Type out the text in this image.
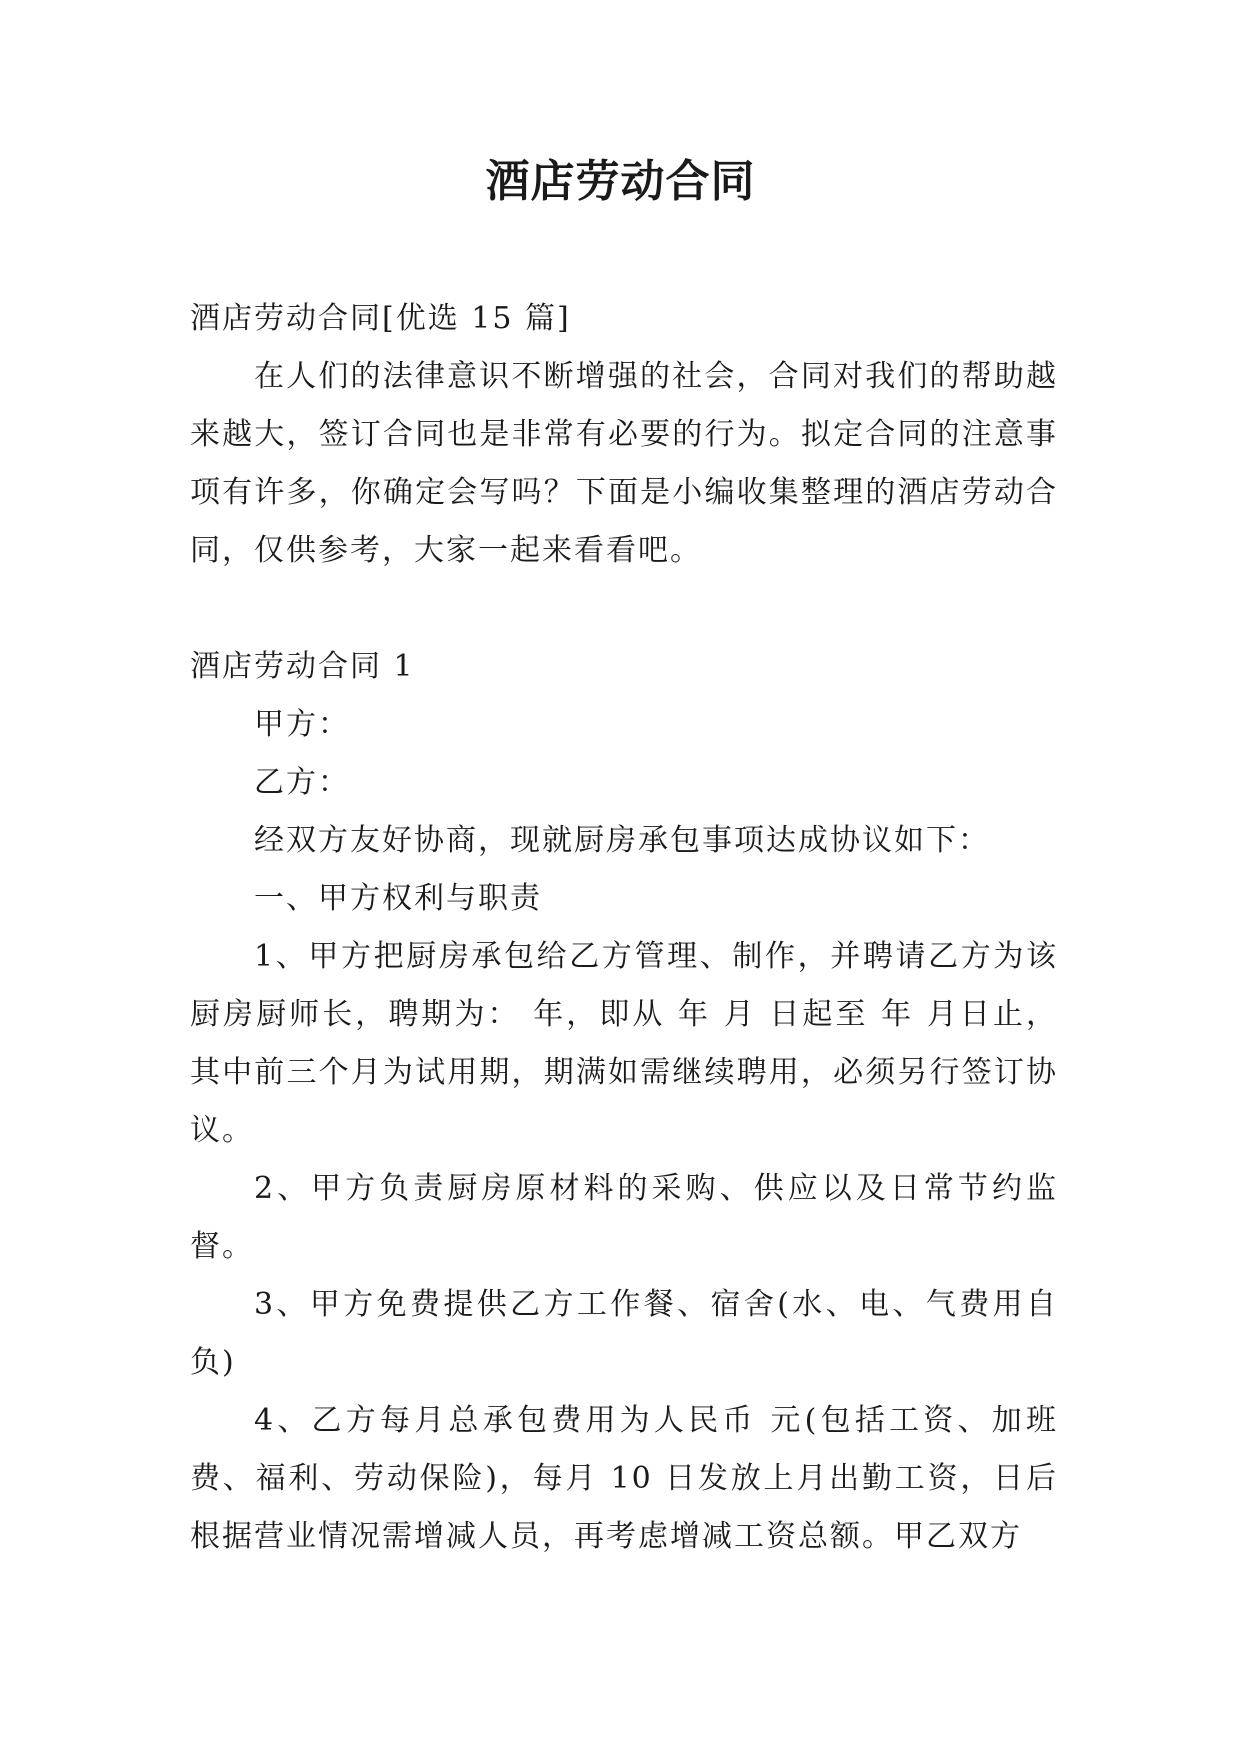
酒店劳动合同

酒店劳动合同[优选 15 篇]

在人们的法律意识不断增强的社会，合同对我们的帮助越来越大，签订合同也是非常有必要的行为。拟定合同的注意事项有许多，你确定会写吗？下面是小编收集整理的酒店劳动合同，仅供参考，大家一起来看看吧。

酒店劳动合同 1

甲方：

乙方：

经双方友好协商，现就厨房承包事项达成协议如下：

一、甲方权利与职责

1、甲方把厨房承包给乙方管理、制作，并聘请乙方为该厨房厨师长，聘期为： 年，即从 年 月 日起至 年 月日止，其中前三个月为试用期，期满如需继续聘用，必须另行签订协议。

2、甲方负责厨房原材料的采购、供应以及日常节约监督。

3、甲方免费提供乙方工作餐、宿舍(水、电、气费用自负)

4、乙方每月总承包费用为人民币 元(包括工资、加班费、福利、劳动保险)，每月 10 日发放上月出勤工资，日后根据营业情况需增减人员，再考虑增减工资总额。甲乙双方
